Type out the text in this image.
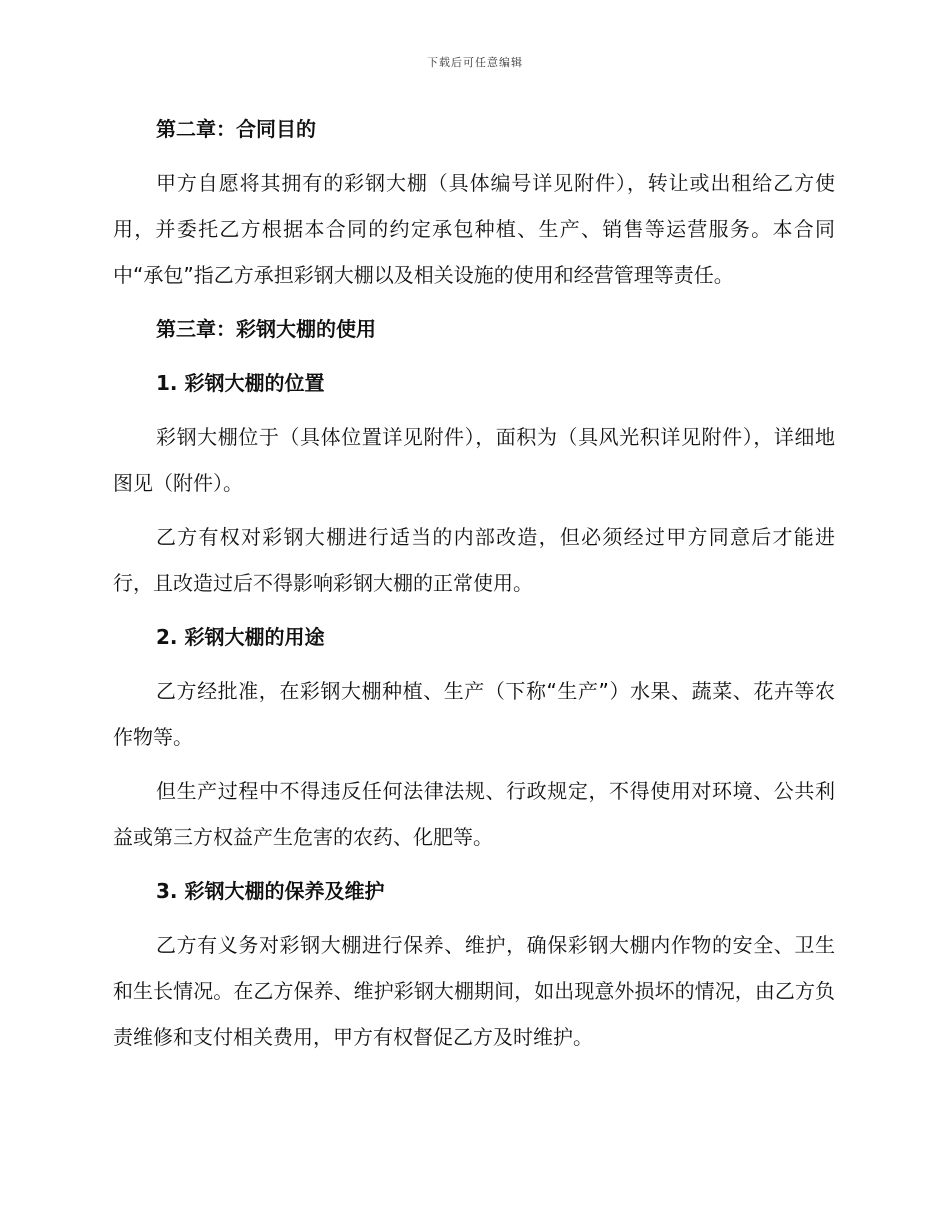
下载后可任意编辑
第二章：合同目的

甲方自愿将其拥有的彩钢大棚（具体编号详见附件），转让或出租给乙方使用，并委托乙方根据本合同的约定承包种植、生产、销售等运营服务。本合同中“承包”指乙方承担彩钢大棚以及相关设施的使用和经营管理等责任。

第三章：彩钢大棚的使用
1. 彩钢大棚的位置

彩钢大棚位于（具体位置详见附件），面积为（具风光积详见附件），详细地图见（附件）。

乙方有权对彩钢大棚进行适当的内部改造，但必须经过甲方同意后才能进行，且改造过后不得影响彩钢大棚的正常使用。

2. 彩钢大棚的用途

乙方经批准，在彩钢大棚种植、生产（下称“生产”）水果、蔬菜、花卉等农作物等。

但生产过程中不得违反任何法律法规、行政规定，不得使用对环境、公共利益或第三方权益产生危害的农药、化肥等。

3. 彩钢大棚的保养及维护

乙方有义务对彩钢大棚进行保养、维护，确保彩钢大棚内作物的安全、卫生和生长情况。在乙方保养、维护彩钢大棚期间，如出现意外损坏的情况，由乙方负责维修和支付相关费用，甲方有权督促乙方及时维护。
